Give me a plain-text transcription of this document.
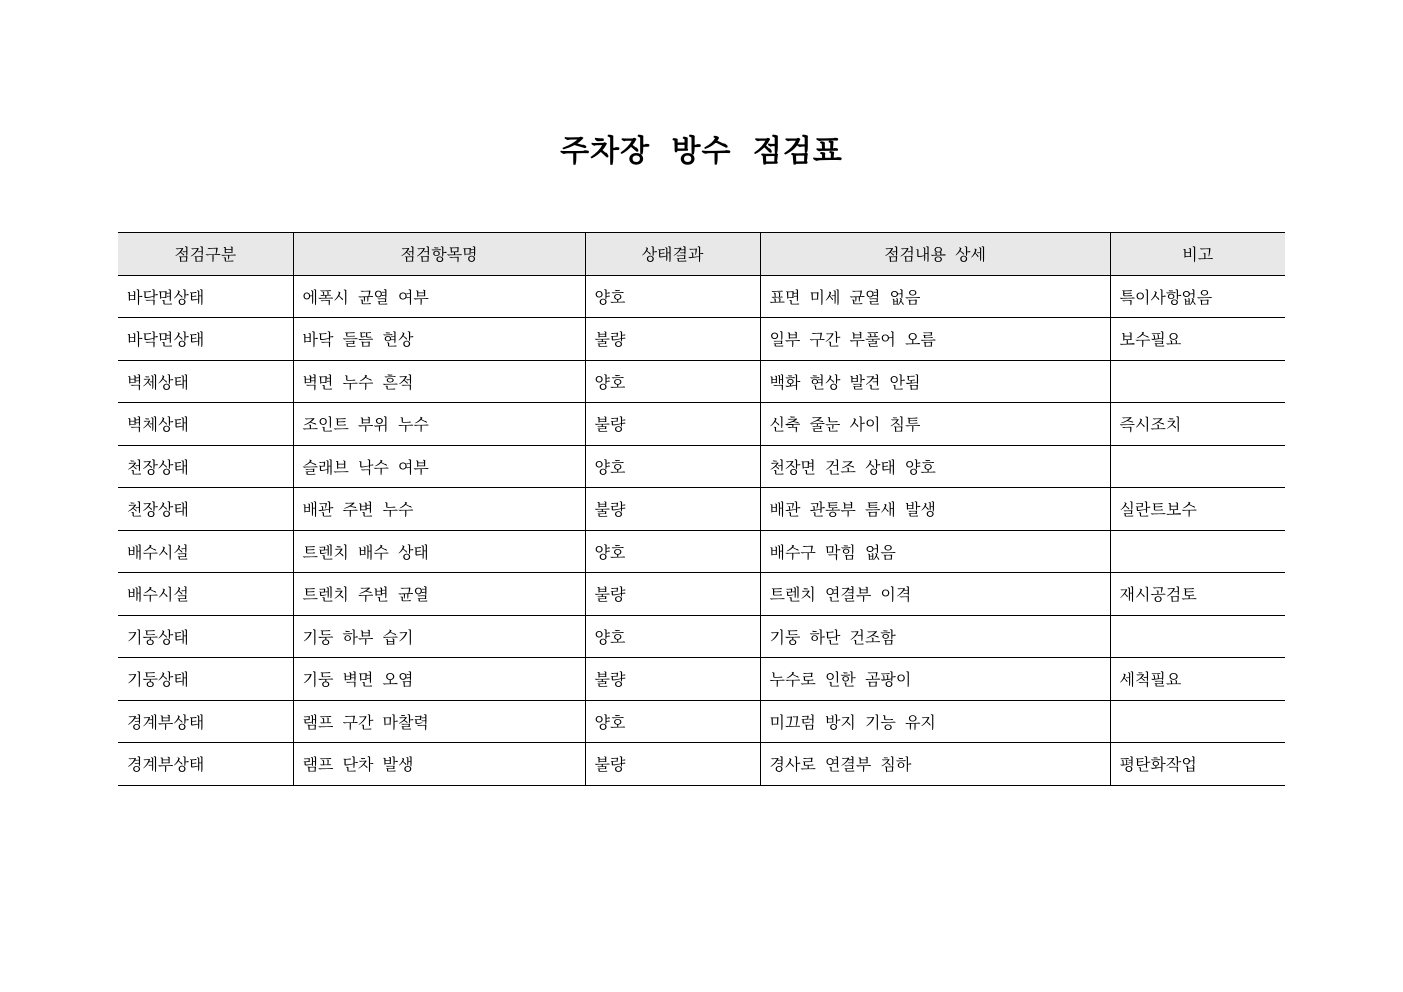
주차장 방수 점검표
점검구분	점검항목명	상태결과	점검내용 상세	비고
바닥면상태	에폭시 균열 여부	양호	표면 미세 균열 없음	특이사항없음
바닥면상태	바닥 들뜸 현상	불량	일부 구간 부풀어 오름	보수필요
벽체상태	벽면 누수 흔적	양호	백화 현상 발견 안됨	
벽체상태	조인트 부위 누수	불량	신축 줄눈 사이 침투	즉시조치
천장상태	슬래브 낙수 여부	양호	천장면 건조 상태 양호	
천장상태	배관 주변 누수	불량	배관 관통부 틈새 발생	실란트보수
배수시설	트렌치 배수 상태	양호	배수구 막힘 없음	
배수시설	트렌치 주변 균열	불량	트렌치 연결부 이격	재시공검토
기둥상태	기둥 하부 습기	양호	기둥 하단 건조함	
기둥상태	기둥 벽면 오염	불량	누수로 인한 곰팡이	세척필요
경계부상태	램프 구간 마찰력	양호	미끄럼 방지 기능 유지	
경계부상태	램프 단차 발생	불량	경사로 연결부 침하	평탄화작업
